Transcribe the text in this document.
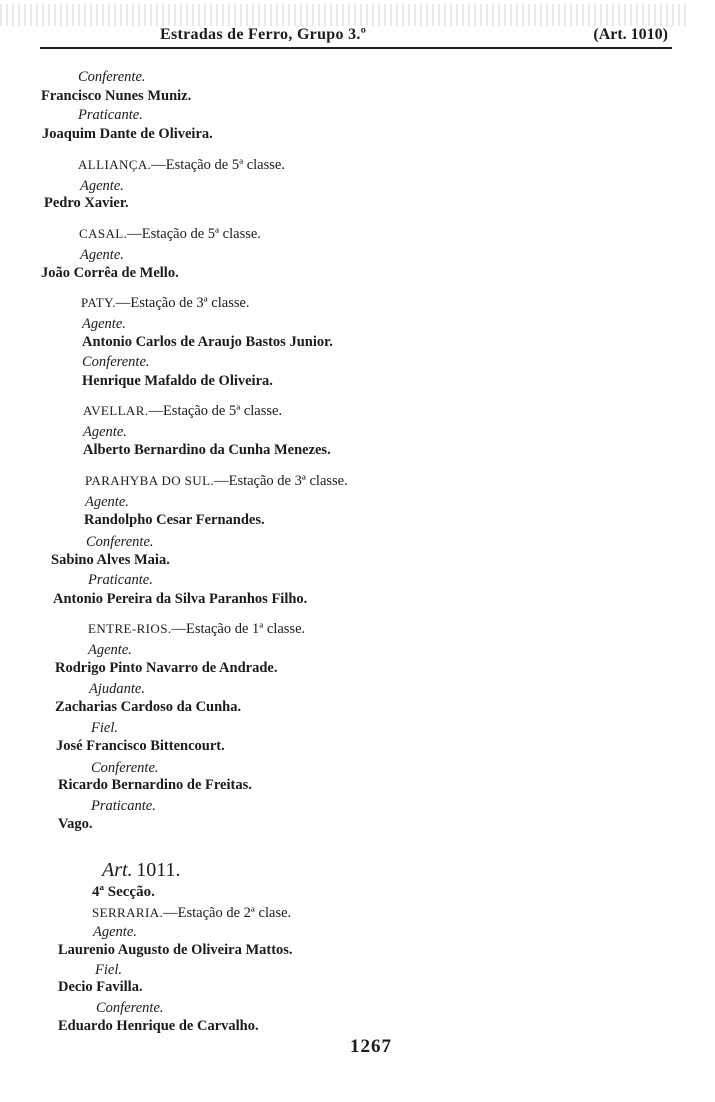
Estradas de Ferro, Grupo 3.º	(Art. 1010)
Conferente.
Francisco Nunes Muniz.
Praticante.
Joaquim Dante de Oliveira.
ALLIANÇA.—Estação de 5ª classe.
Agente.
Pedro Xavier.
CASAL.—Estação de 5ª classe.
Agente.
João Corrêa de Mello.
PATY.—Estação de 3ª classe.
Agente.
Antonio Carlos de Araujo Bastos Junior.
Conferente.
Henrique Mafaldo de Oliveira.
AVELLAR.—Estação de 5ª classe.
Agente.
Alberto Bernardino da Cunha Menezes.
PARAHYBA DO SUL.—Estação de 3ª classe.
Agente.
Randolpho Cesar Fernandes.
Conferente.
Sabino Alves Maia.
Praticante.
Antonio Pereira da Silva Paranhos Filho.
ENTRE-RIOS.—Estação de 1ª classe.
Agente.
Rodrigo Pinto Navarro de Andrade.
Ajudante.
Zacharias Cardoso da Cunha.
Fiel.
José Francisco Bittencourt.
Conferente.
Ricardo Bernardino de Freitas.
Praticante.
Vago.
Art. 1011.
4ª Secção.
SERRARIA.—Estação de 2ª clase.
Agente.
Laurenio Augusto de Oliveira Mattos.
Fiel.
Decio Favilla.
Conferente.
Eduardo Henrique de Carvalho.
1267
